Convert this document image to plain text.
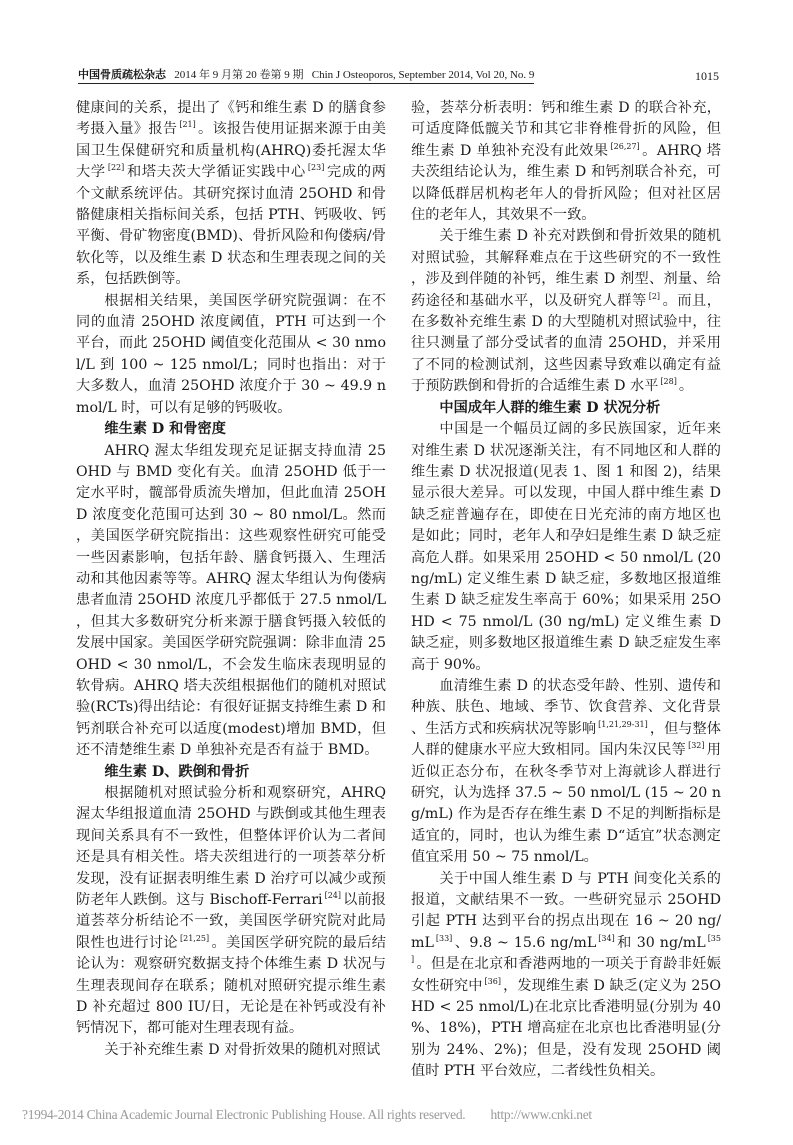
中国骨质疏松杂志 2014 年 9 月第 20 卷第 9 期 Chin J Osteoporos, September 2014, Vol 20, No. 9	1015

健康间的关系，提出了《钙和维生素 D 的膳食参考摄入量》报告 [21] 。该报告使用证据来源于由美国卫生保健研究和质量机构(AHRQ)委托渥太华大学 [22] 和塔夫茨大学循证实践中心 [23] 完成的两个文献系统评估。其研究探讨血清 25OHD 和骨骼健康相关指标间关系，包括 PTH、钙吸收、钙平衡、骨矿物密度(BMD)、骨折风险和佝偻病/骨软化等，以及维生素 D 状态和生理表现之间的关系，包括跌倒等。

根据相关结果，美国医学研究院强调：在不同的血清 25OHD 浓度阈值，PTH 可达到一个平台，而此 25OHD 阈值变化范围从 < 30 nmol/L 到 100 ~ 125 nmol/L；同时也指出：对于大多数人，血清 25OHD 浓度介于 30 ~ 49.9 nmol/L 时，可以有足够的钙吸收。

维生素 D 和骨密度

AHRQ 渥太华组发现充足证据支持血清 25OHD 与 BMD 变化有关。血清 25OHD 低于一定水平时，髋部骨质流失增加，但此血清 25OHD 浓度变化范围可达到 30 ~ 80 nmol/L。然而，美国医学研究院指出：这些观察性研究可能受一些因素影响，包括年龄、膳食钙摄入、生理活动和其他因素等等。AHRQ 渥太华组认为佝偻病患者血清 25OHD 浓度几乎都低于 27.5 nmol/L，但其大多数研究分析来源于膳食钙摄入较低的发展中国家。美国医学研究院强调：除非血清 25OHD < 30 nmol/L，不会发生临床表现明显的软骨病。AHRQ 塔夫茨组根据他们的随机对照试验(RCTs)得出结论：有很好证据支持维生素 D 和钙剂联合补充可以适度(modest)增加 BMD，但还不清楚维生素 D 单独补充是否有益于 BMD。

维生素 D、跌倒和骨折

根据随机对照试验分析和观察研究，AHRQ 渥太华组报道血清 25OHD 与跌倒或其他生理表现间关系具有不一致性，但整体评价认为二者间还是具有相关性。塔夫茨组进行的一项荟萃分析发现，没有证据表明维生素 D 治疗可以减少或预防老年人跌倒。这与 Bischoff-Ferrari [24] 以前报道荟萃分析结论不一致，美国医学研究院对此局限性也进行讨论 [21,25] 。美国医学研究院的最后结论认为：观察研究数据支持个体维生素 D 状况与生理表现间存在联系；随机对照研究提示维生素 D 补充超过 800 IU/日，无论是在补钙或没有补钙情况下，都可能对生理表现有益。

关于补充维生素 D 对骨折效果的随机对照试

验，荟萃分析表明：钙和维生素 D 的联合补充，可适度降低髋关节和其它非脊椎骨折的风险，但维生素 D 单独补充没有此效果 [26,27] 。AHRQ 塔夫茨组结论认为，维生素 D 和钙剂联合补充，可以降低群居机构老年人的骨折风险；但对社区居住的老年人，其效果不一致。

关于维生素 D 补充对跌倒和骨折效果的随机对照试验，其解释难点在于这些研究的不一致性，涉及到伴随的补钙，维生素 D 剂型、剂量、给药途径和基础水平，以及研究人群等 [2] 。而且，在多数补充维生素 D 的大型随机对照试验中，往往只测量了部分受试者的血清 25OHD，并采用了不同的检测试剂，这些因素导致难以确定有益于预防跌倒和骨折的合适维生素 D 水平 [28] 。

中国成年人群的维生素 D 状况分析

中国是一个幅员辽阔的多民族国家，近年来对维生素 D 状况逐渐关注，有不同地区和人群的维生素 D 状况报道(见表 1、图 1 和图 2)，结果显示很大差异。可以发现，中国人群中维生素 D 缺乏症普遍存在，即使在日光充沛的南方地区也是如此；同时，老年人和孕妇是维生素 D 缺乏症高危人群。如果采用 25OHD < 50 nmol/L (20 ng/mL) 定义维生素 D 缺乏症，多数地区报道维生素 D 缺乏症发生率高于 60%；如果采用 25OHD < 75 nmol/L (30 ng/mL) 定义维生素 D 缺乏症，则多数地区报道维生素 D 缺乏症发生率高于 90%。

血清维生素 D 的状态受年龄、性别、遗传和种族、肤色、地域、季节、饮食营养、文化背景、生活方式和疾病状况等影响 [1,21,29-31] ，但与整体人群的健康水平应大致相同。国内朱汉民等 [32] 用近似正态分布，在秋冬季节对上海就诊人群进行研究，认为选择 37.5 ~ 50 nmol/L (15 ~ 20 ng/mL) 作为是否存在维生素 D 不足的判断指标是适宜的，同时，也认为维生素 D“适宜”状态测定值宜采用 50 ~ 75 nmol/L。

关于中国人维生素 D 与 PTH 间变化关系的报道，文献结果不一致。一些研究显示 25OHD 引起 PTH 达到平台的拐点出现在 16 ~ 20 ng/mL [33] 、9.8 ~ 15.6 ng/mL [34] 和 30 ng/mL [35] 。但是在北京和香港两地的一项关于育龄非妊娠女性研究中 [36] ，发现维生素 D 缺乏(定义为 25OHD < 25 nmol/L)在北京比香港明显(分别为 40%、18%)，PTH 增高症在北京也比香港明显(分别为 24%、2%)；但是，没有发现 25OHD 阈值时 PTH 平台效应，二者线性负相关。

?1994-2014 China Academic Journal Electronic Publishing House. All rights reserved. http://www.cnki.net
